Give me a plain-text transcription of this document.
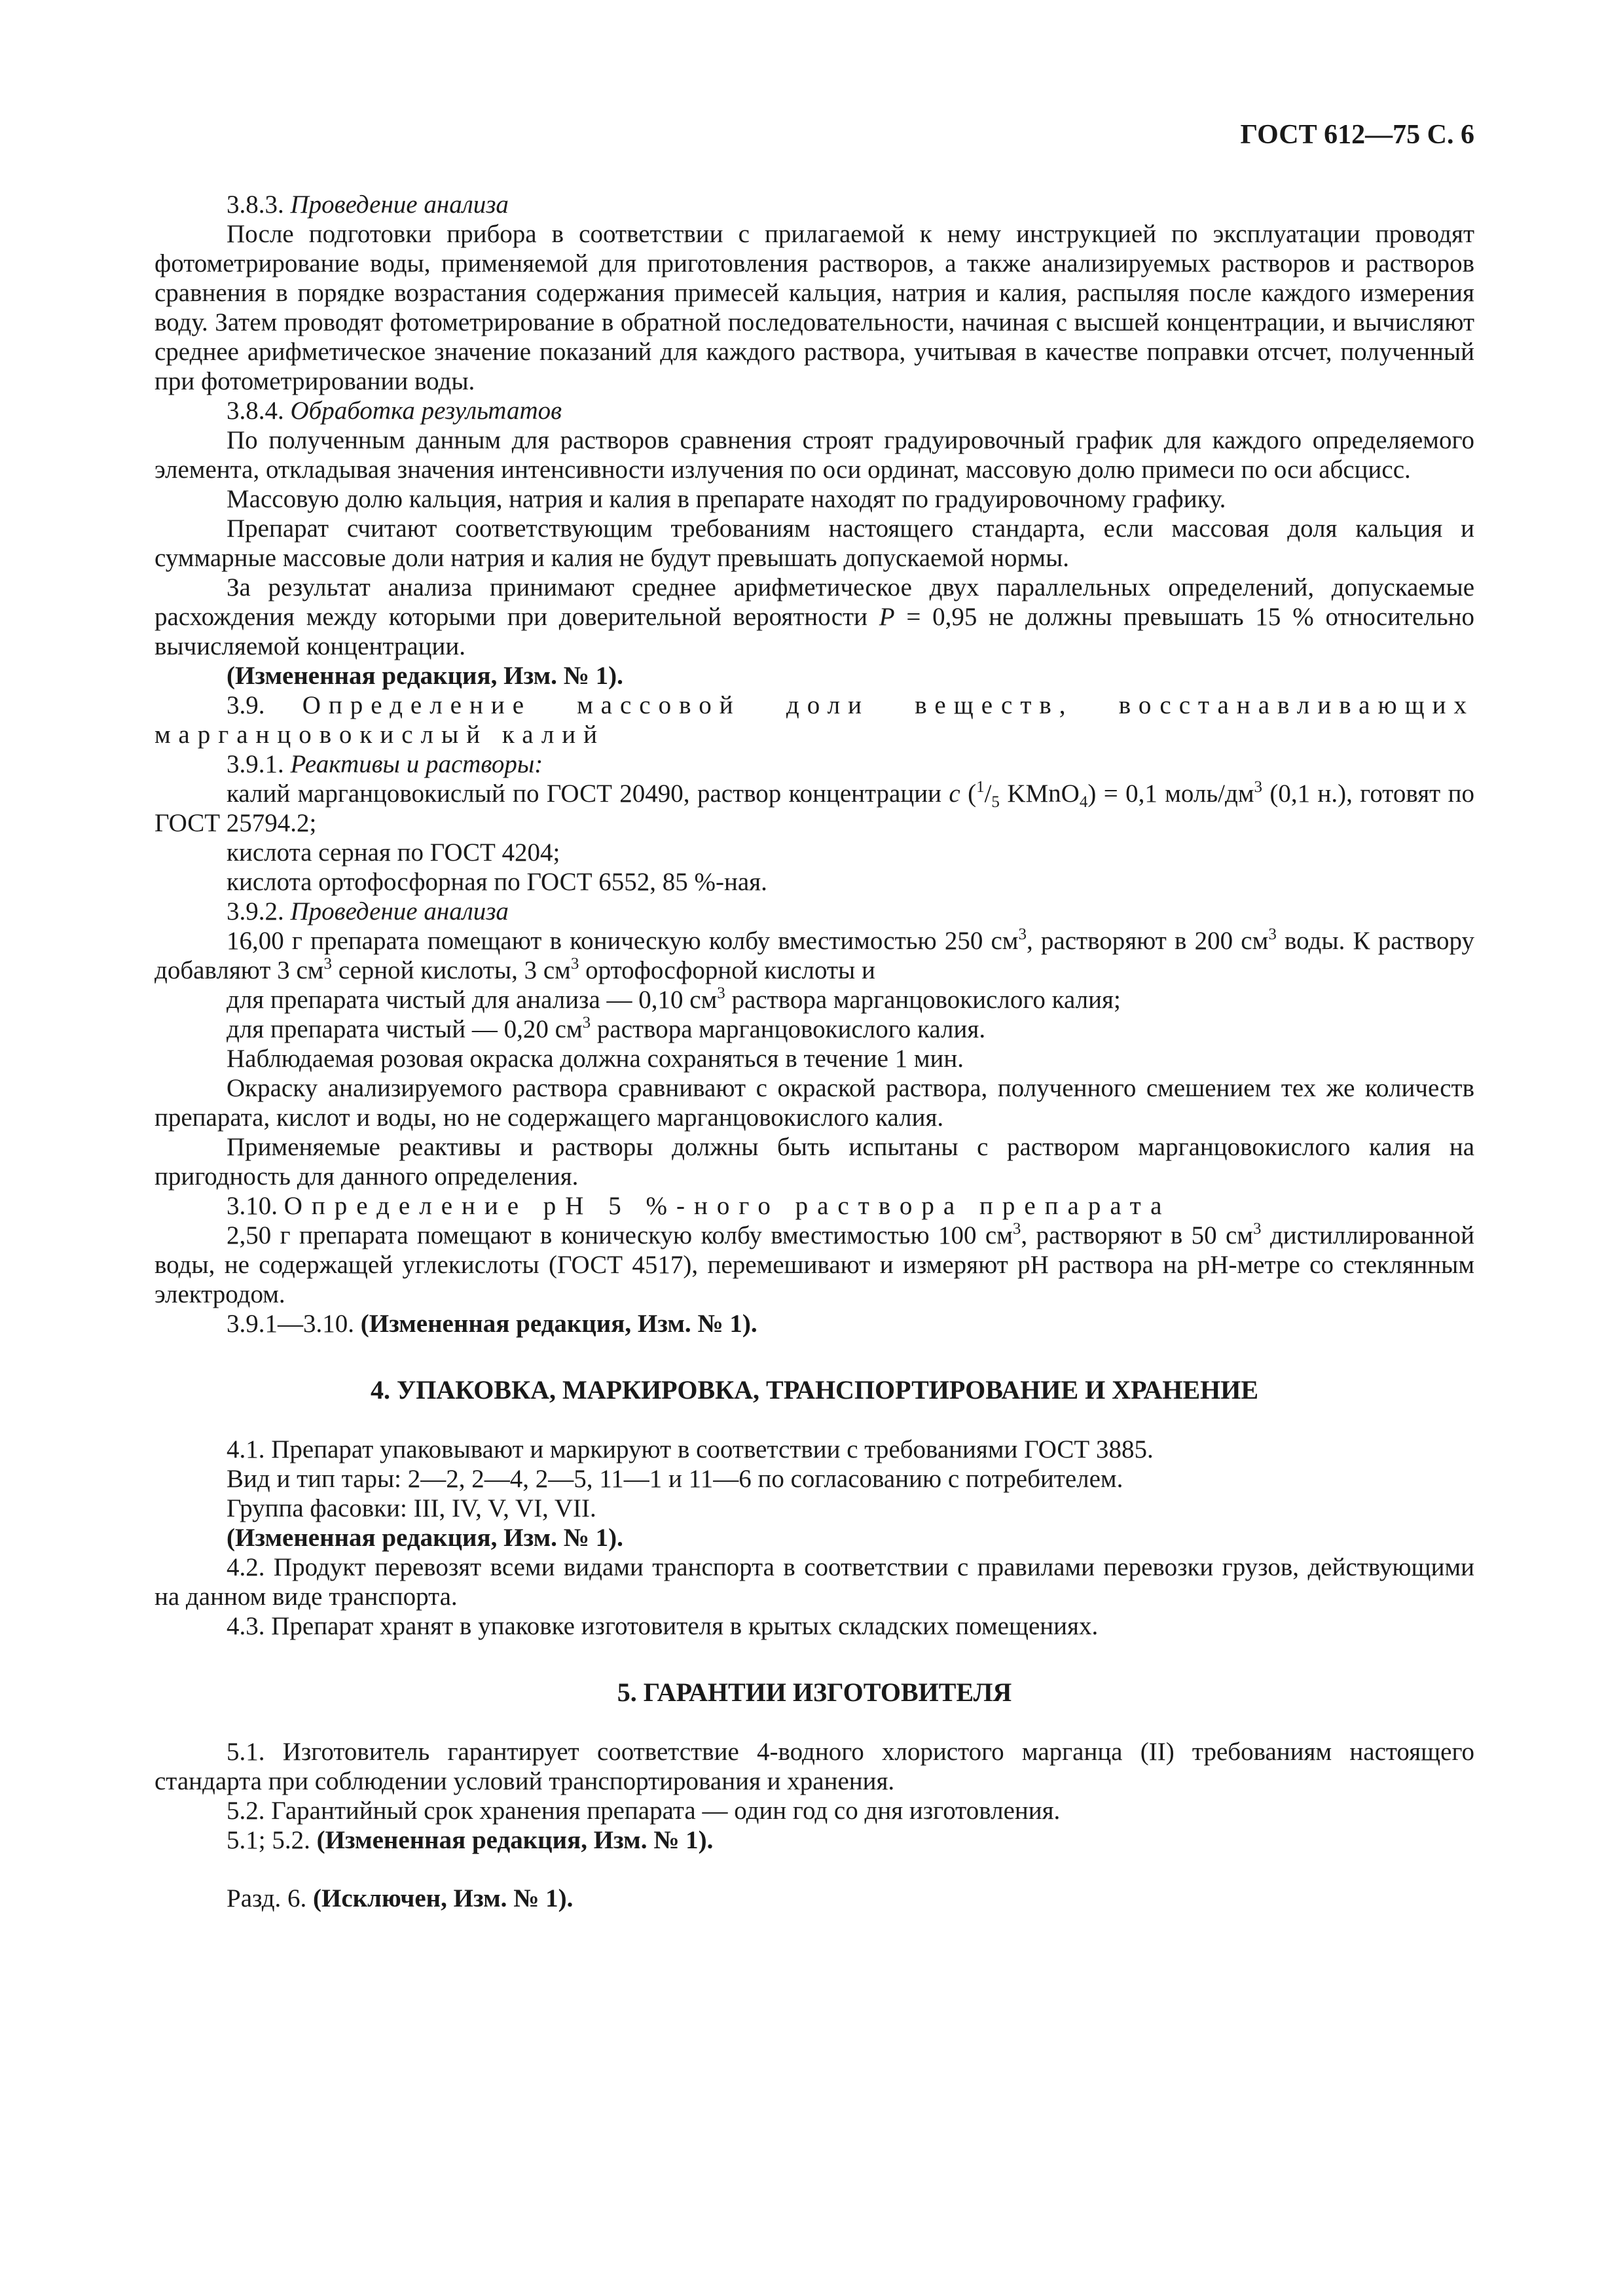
ГОСТ 612—75 С. 6

3.8.3. Проведение анализа

После подготовки прибора в соответствии с прилагаемой к нему инструкцией по эксплуатации проводят фотометрирование воды, применяемой для приготовления растворов, а также анализируемых растворов и растворов сравнения в порядке возрастания содержания примесей кальция, натрия и калия, распыляя после каждого измерения воду. Затем проводят фотометрирование в обратной последовательности, начиная с высшей концентрации, и вычисляют среднее арифметическое значение показаний для каждого раствора, учитывая в качестве поправки отсчет, полученный при фотометрировании воды.

3.8.4. Обработка результатов

По полученным данным для растворов сравнения строят градуировочный график для каждого определяемого элемента, откладывая значения интенсивности излучения по оси ординат, массовую долю примеси по оси абсцисс.

Массовую долю кальция, натрия и калия в препарате находят по градуировочному графику.

Препарат считают соответствующим требованиям настоящего стандарта, если массовая доля кальция и суммарные массовые доли натрия и калия не будут превышать допускаемой нормы.

За результат анализа принимают среднее арифметическое двух параллельных определений, допускаемые расхождения между которыми при доверительной вероятности Р = 0,95 не должны превышать 15 % относительно вычисляемой концентрации.

(Измененная редакция, Изм. № 1).

3.9. Определение массовой доли веществ, восстанавливающих марганцовокислый калий

3.9.1. Реактивы и растворы:

калий марганцовокислый по ГОСТ 20490, раствор концентрации с ($^1/_5$ KMnO$_4$) = 0,1 моль/$дм^3$ (0,1 н.), готовят по ГОСТ 25794.2;

кислота серная по ГОСТ 4204;

кислота ортофосфорная по ГОСТ 6552, 85 %-ная.

3.9.2. Проведение анализа

16,00 г препарата помещают в коническую колбу вместимостью 250 $см^3$, растворяют в 200 $см^3$ воды. К раствору добавляют 3 $см^3$ серной кислоты, 3 $см^3$ ортофосфорной кислоты и

для препарата чистый для анализа — 0,10 $см^3$ раствора марганцовокислого калия;

для препарата чистый — 0,20 $см^3$ раствора марганцовокислого калия.

Наблюдаемая розовая окраска должна сохраняться в течение 1 мин.

Окраску анализируемого раствора сравнивают с окраской раствора, полученного смешением тех же количеств препарата, кислот и воды, но не содержащего марганцовокислого калия.

Применяемые реактивы и растворы должны быть испытаны с раствором марганцовокислого калия на пригодность для данного определения.

3.10. Определение pH 5 %-ного раствора препарата

2,50 г препарата помещают в коническую колбу вместимостью 100 $см^3$, растворяют в 50 $см^3$ дистиллированной воды, не содержащей углекислоты (ГОСТ 4517), перемешивают и измеряют pH раствора на pH-метре со стеклянным электродом.

3.9.1—3.10. (Измененная редакция, Изм. № 1).

4. УПАКОВКА, МАРКИРОВКА, ТРАНСПОРТИРОВАНИЕ И ХРАНЕНИЕ

4.1. Препарат упаковывают и маркируют в соответствии с требованиями ГОСТ 3885.

Вид и тип тары: 2—2, 2—4, 2—5, 11—1 и 11—6 по согласованию с потребителем.

Группа фасовки: III, IV, V, VI, VII.

(Измененная редакция, Изм. № 1).

4.2. Продукт перевозят всеми видами транспорта в соответствии с правилами перевозки грузов, действующими на данном виде транспорта.

4.3. Препарат хранят в упаковке изготовителя в крытых складских помещениях.

5. ГАРАНТИИ ИЗГОТОВИТЕЛЯ

5.1. Изготовитель гарантирует соответствие 4-водного хлористого марганца (II) требованиям настоящего стандарта при соблюдении условий транспортирования и хранения.

5.2. Гарантийный срок хранения препарата — один год со дня изготовления.

5.1; 5.2. (Измененная редакция, Изм. № 1).

Разд. 6. (Исключен, Изм. № 1).
